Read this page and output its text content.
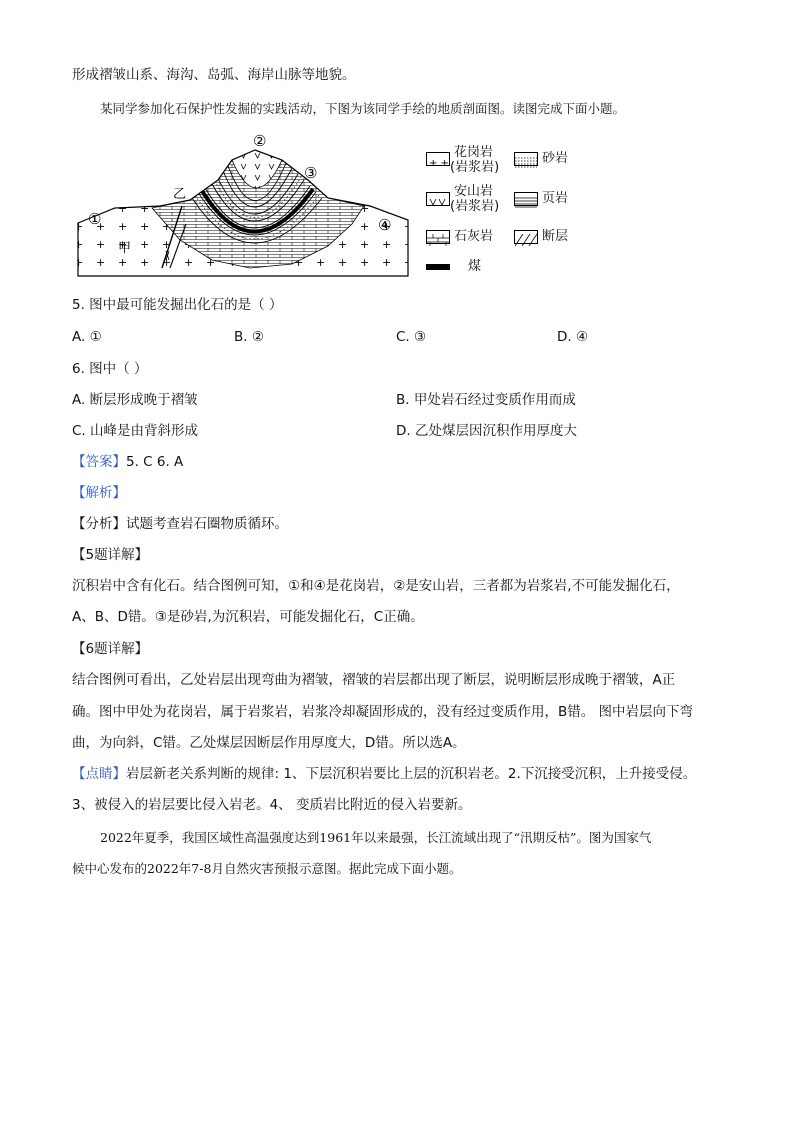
形成褶皱山系、海沟、岛弧、海岸山脉等地貌。
某同学参加化石保护性发掘的实践活动，下图为该同学手绘的地质剖面图。读图完成下面小题。
①
②
③
④
甲
乙
+ +
花岗岩
(岩浆岩)
砂岩
安山岩
(岩浆岩)
页岩
石灰岩	断层
煤
5. 图中最可能发掘出化石的是（ ）
A. ①	B. ②	C. ③	D. ④
6. 图中（ ）
A. 断层形成晚于褶皱	B. 甲处岩石经过变质作用而成
C. 山峰是由背斜形成	D. 乙处煤层因沉积作用厚度大
【答案】5. C 6. A
【解析】
【分析】试题考查岩石圈物质循环。
【5题详解】
沉积岩中含有化石。结合图例可知，①和④是花岗岩，②是安山岩，三者都为岩浆岩,不可能发掘化石，
A、B、D错。③是砂岩,为沉积岩，可能发掘化石，C正确。
【6题详解】
结合图例可看出，乙处岩层出现弯曲为褶皱，褶皱的岩层都出现了断层，说明断层形成晚于褶皱，A正
确。图中甲处为花岗岩，属于岩浆岩，岩浆冷却凝固形成的，没有经过变质作用，B错。 图中岩层向下弯
曲，为向斜，C错。乙处煤层因断层作用厚度大，D错。所以选A。
【点睛】岩层新老关系判断的规律: 1、下层沉积岩要比上层的沉积岩老。2.下沉接受沉积，上升接受侵。
3、被侵入的岩层要比侵入岩老。4、 变质岩比附近的侵入岩要新。
2022年夏季，我国区域性高温强度达到1961年以来最强，长江流域出现了“汛期反枯”。图为国家气
候中心发布的2022年7-8月自然灾害预报示意图。据此完成下面小题。
